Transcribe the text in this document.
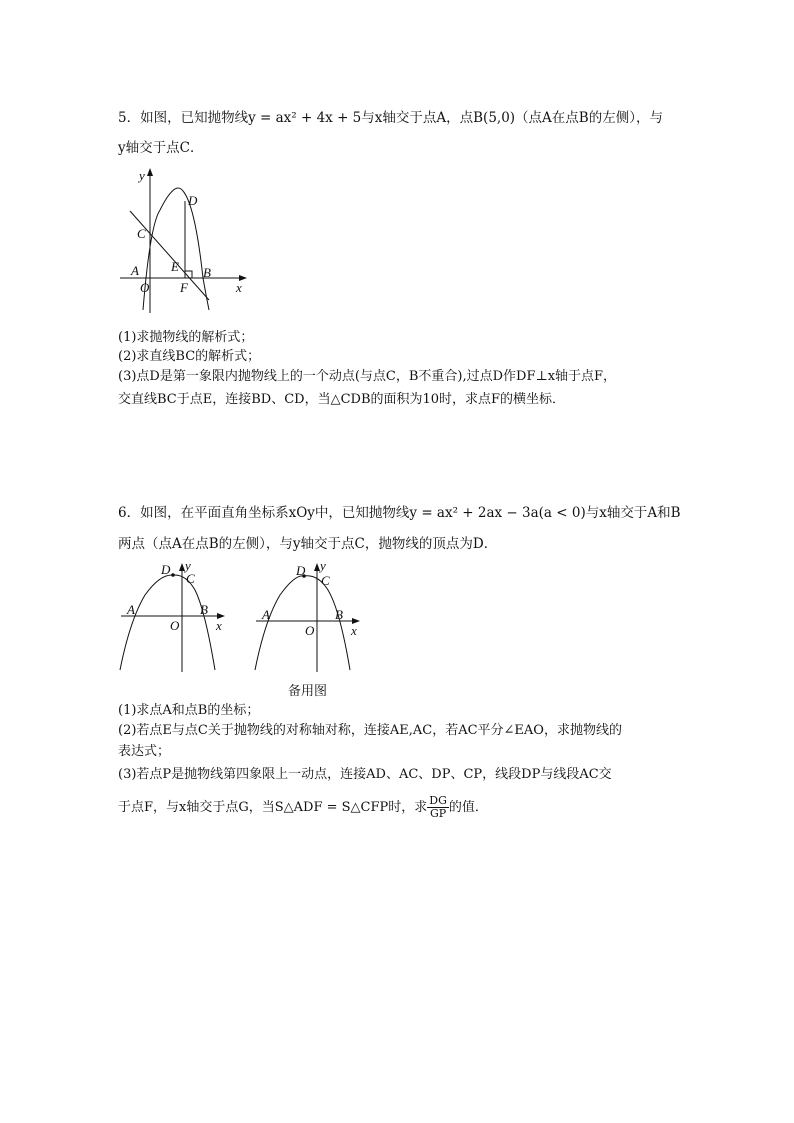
5．如图，已知抛物线y = ax² + 4x + 5与x轴交于点A，点B(5,0)（点A在点B的左侧），与
y轴交于点C．
y
x
C
D
E
A
O F
B
(1)求抛物线的解析式；
(2)求直线BC的解析式；
(3)点D是第一象限内抛物线上的一个动点(与点C，B不重合),过点D作DF⊥x轴于点F，
交直线BC于点E，连接BD、CD，当△CDB的面积为10时，求点F的横坐标．
6．如图，在平面直角坐标系xOy中，已知抛物线y = ax² + 2ax − 3a(a < 0)与x轴交于A和B
两点（点A在点B的左侧），与y轴交于点C，抛物线的顶点为D．
D y
C
A	B
O	x
D y
C
A	B
O	x
备用图
(1)求点A和点B的坐标；
(2)若点E与点C关于抛物线的对称轴对称，连接AE,AC，若AC平分∠EAO，求抛物线的
表达式；
(3)若点P是抛物线第四象限上一动点，连接AD、AC、DP、CP，线段DP与线段AC交
于点F，与x轴交于点G，当S△ADF = S△CFP时，求 $\frac{DG}{GP}$ 的值．
